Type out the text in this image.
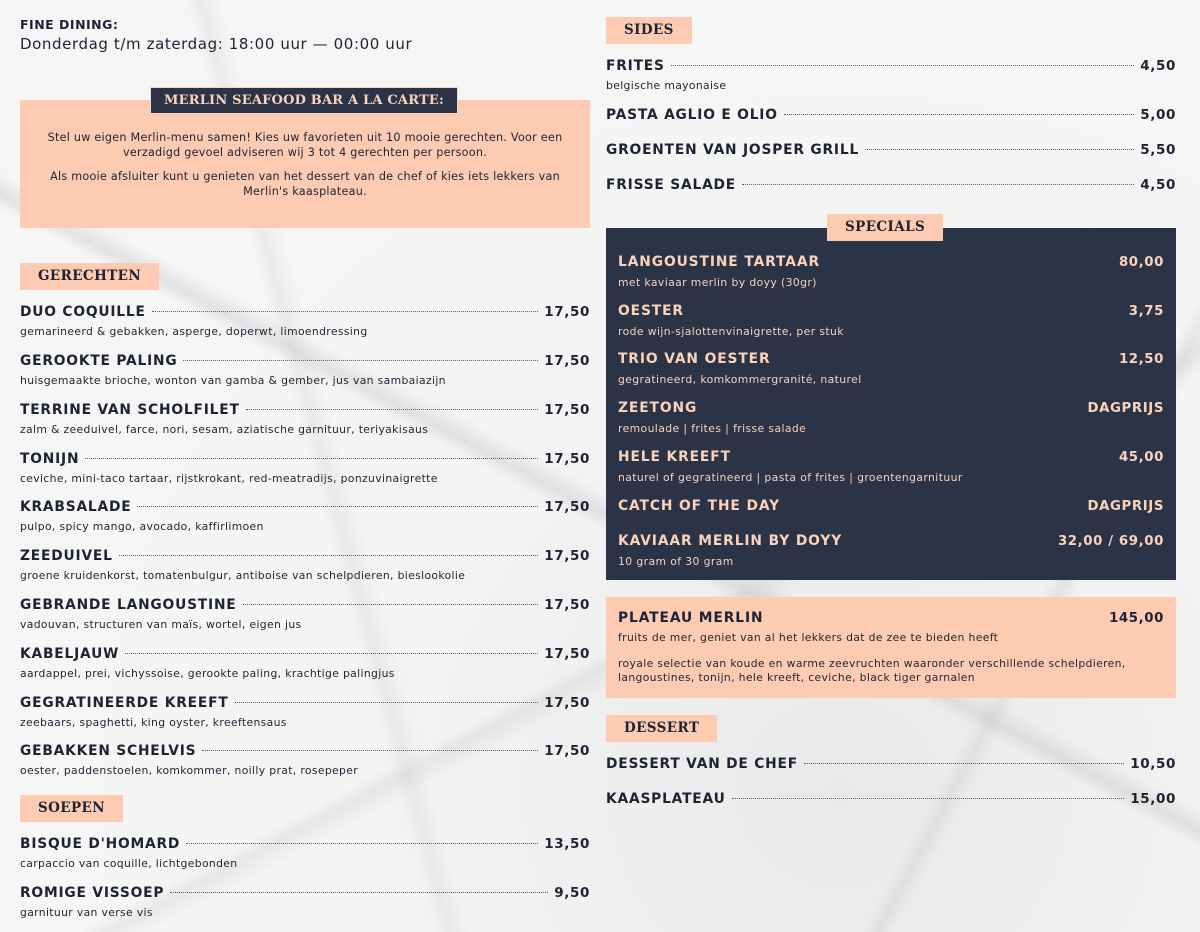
FINE DINING:
Donderdag t/m zaterdag: 18:00 uur — 00:00 uur
MERLIN SEAFOOD BAR A LA CARTE:

Stel uw eigen Merlin-menu samen! Kies uw favorieten uit 10 mooie gerechten. Voor een verzadigd gevoel adviseren wij 3 tot 4 gerechten per persoon.

Als mooie afsluiter kunt u genieten van het dessert van de chef of kies iets lekkers van Merlin's kaasplateau.

GERECHTEN
DUO COQUILLE	17,50
gemarineerd & gebakken, asperge, doperwt, limoendressing
GEROOKTE PALING	17,50
huisgemaakte brioche, wonton van gamba & gember, jus van sambaiazijn
TERRINE VAN SCHOLFILET	17,50
zalm & zeeduivel, farce, nori, sesam, aziatische garnituur, teriyakisaus
TONIJN	17,50
ceviche, mini-taco tartaar, rijstkrokant, red-meatradijs, ponzuvinaigrette
KRABSALADE	17,50
pulpo, spicy mango, avocado, kaffirlimoen
ZEEDUIVEL	17,50
groene kruidenkorst, tomatenbulgur, antiboise van schelpdieren, bieslookolie
GEBRANDE LANGOUSTINE	17,50
vadouvan, structuren van maïs, wortel, eigen jus
KABELJAUW	17,50
aardappel, prei, vichyssoise, gerookte paling, krachtige palingjus
GEGRATINEERDE KREEFT	17,50
zeebaars, spaghetti, king oyster, kreeftensaus
GEBAKKEN SCHELVIS	17,50
oester, paddenstoelen, komkommer, noilly prat, rosepeper
SOEPEN
BISQUE D'HOMARD	13,50
carpaccio van coquille, lichtgebonden
ROMIGE VISSOEP	9,50
garnituur van verse vis
SIDES
FRITES	4,50
belgische mayonaise
PASTA AGLIO E OLIO	5,00
GROENTEN VAN JOSPER GRILL	5,50
FRISSE SALADE	4,50
LANGOUSTINE TARTAAR	80,00
met kaviaar merlin by doyy (30gr)
OESTER	3,75
rode wijn-sjalottenvinaigrette, per stuk
TRIO VAN OESTER	12,50
gegratineerd, komkommergranité, naturel
ZEETONG	DAGPRIJS
remoulade | frites | frisse salade
HELE KREEFT	45,00
naturel of gegratineerd | pasta of frites | groentengarnituur
CATCH OF THE DAY	DAGPRIJS
KAVIAAR MERLIN BY DOYY	32,00 / 69,00
10 gram of 30 gram
SPECIALS
PLATEAU MERLIN	145,00
fruits de mer, geniet van al het lekkers dat de zee te bieden heeft
royale selectie van koude en warme zeevruchten waaronder verschillende schelpdieren, langoustines, tonijn, hele kreeft, ceviche, black tiger garnalen
DESSERT
DESSERT VAN DE CHEF	10,50
KAASPLATEAU	15,00
